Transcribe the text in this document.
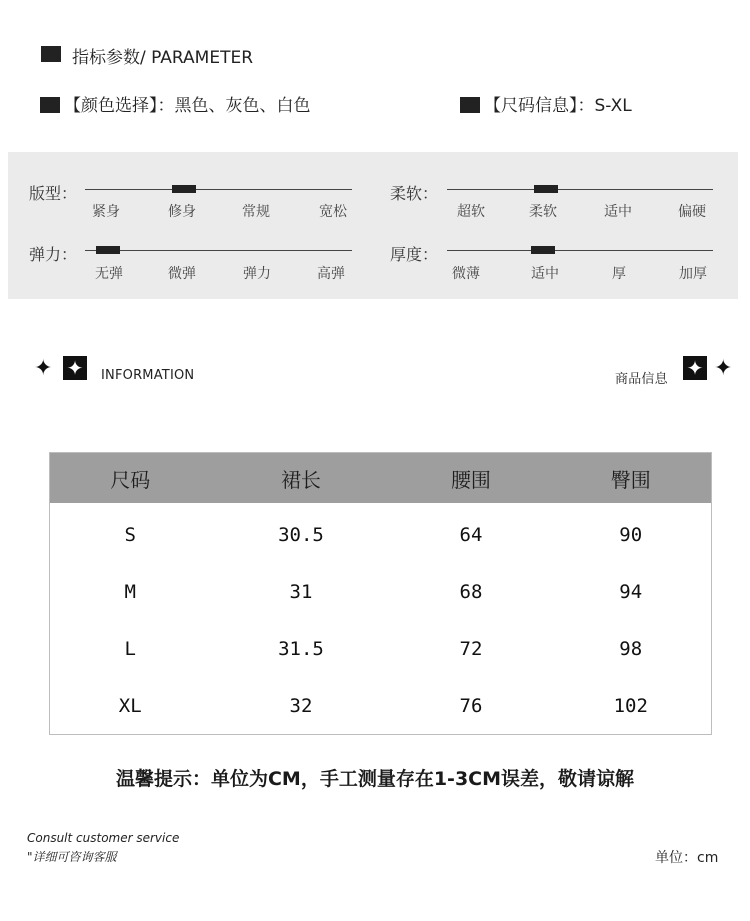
指标参数/ PARAMETER
【颜色选择】：黑色、灰色、白色	【尺码信息】：S-XL
版型：
紧身	修身	常规	宽松
柔软：
超软	柔软	适中	偏硬
弹力：
无弹	微弹	弹力	高弹
厚度：
微薄	适中	厚	加厚
✦ ✦ INFORMATION	商品信息 ✦ ✦
尺码	裙长	腰围	臀围
S	30.5	64	90
M	31	68	94
L	31.5	72	98
XL	32	76	102
温馨提示：单位为CM，手工测量存在1-3CM误差，敬请谅解
Consult customer service
"详细可咨询客服	单位：cm
